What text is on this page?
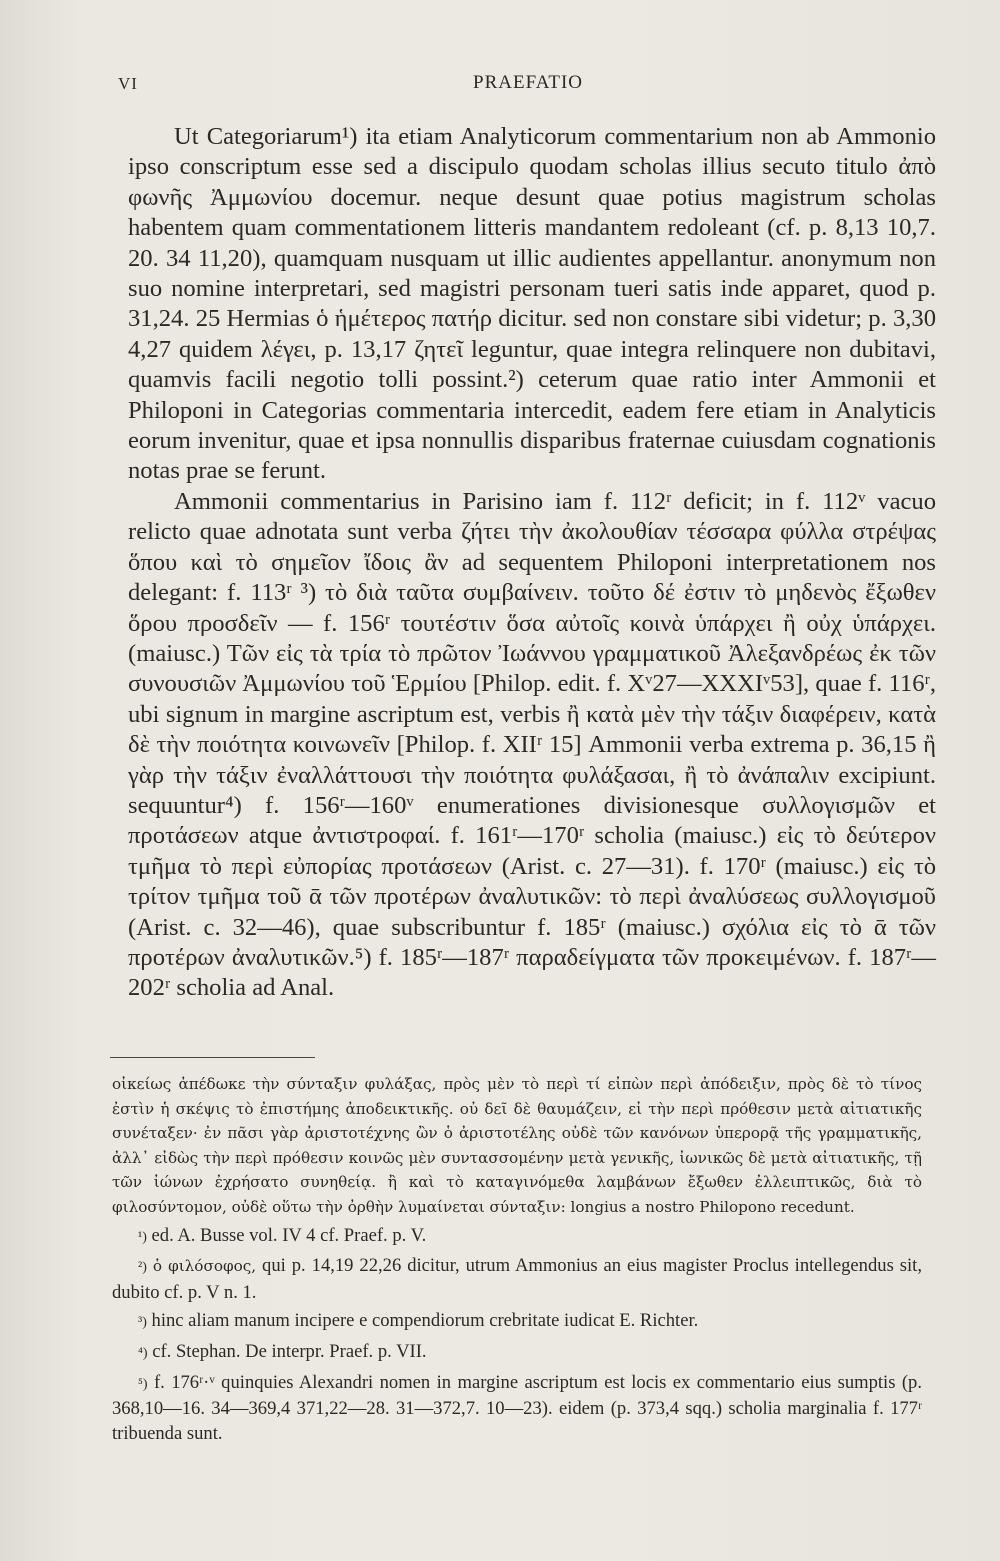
VI	PRAEFATIO

Ut Categoriarum¹) ita etiam Analyticorum commentarium non ab Ammonio ipso conscriptum esse sed a discipulo quodam scholas illius secuto titulo ἀπὸ φωνῆς Ἀμμωνίου docemur. neque desunt quae potius magistrum scholas habentem quam commentationem litteris mandantem redoleant (cf. p. 8,13 10,7. 20. 34 11,20), quamquam nusquam ut illic audientes appellantur. anonymum non suo nomine interpretari, sed magistri personam tueri satis inde apparet, quod p. 31,24. 25 Hermias ὁ ἡμέτερος πατήρ dicitur. sed non constare sibi videtur; p. 3,30 4,27 quidem λέγει, p. 13,17 ζητεῖ leguntur, quae integra relinquere non dubitavi, quamvis facili negotio tolli possint.²) ceterum quae ratio inter Ammonii et Philoponi in Categorias commentaria intercedit, eadem fere etiam in Analyticis eorum invenitur, quae et ipsa nonnullis disparibus fraternae cuiusdam cognationis notas prae se ferunt.

Ammonii commentarius in Parisino iam f. 112ʳ deficit; in f. 112ᵛ vacuo relicto quae adnotata sunt verba ζήτει τὴν ἀκολουθίαν τέσσαρα φύλλα στρέψας ὅπου καὶ τὸ σημεῖον ἴδοις ἂν ad sequentem Philoponi interpretationem nos delegant: f. 113ʳ ³) τὸ διὰ ταῦτα συμβαίνειν. τοῦτο δέ ἐστιν τὸ μηδενὸς ἔξωθεν ὅρου προσδεῖν — f. 156ʳ τουτέστιν ὅσα αὐτοῖς κοινὰ ὑπάρχει ἢ οὐχ ὑπάρχει. (maiusc.) Τῶν εἰς τὰ τρία τὸ πρῶτον Ἰωάννου γραμματικοῦ Ἀλεξανδρέως ἐκ τῶν συνουσιῶν Ἀμμωνίου τοῦ Ἑρμίου [Philop. edit. f. Xᵛ27—XXXIᵛ53], quae f. 116ʳ, ubi signum in margine ascriptum est, verbis ἢ κατὰ μὲν τὴν τάξιν διαφέρειν, κατὰ δὲ τὴν ποιότητα κοινωνεῖν [Philop. f. XIIʳ 15] Ammonii verba extrema p. 36,15 ἢ γὰρ τὴν τάξιν ἐναλλάττουσι τὴν ποιότητα φυλάξασαι, ἢ τὸ ἀνάπαλιν excipiunt. sequuntur⁴) f. 156ʳ—160ᵛ enumerationes divisionesque συλλογισμῶν et προτάσεων atque ἀντιστροφαί. f. 161ʳ—170ʳ scholia (maiusc.) εἰς τὸ δεύτερον τμῆμα τὸ περὶ εὐπορίας προτάσεων (Arist. c. 27—31). f. 170ʳ (maiusc.) εἰς τὸ τρίτον τμῆμα τοῦ ᾱ τῶν προτέρων ἀναλυτικῶν: τὸ περὶ ἀναλύσεως συλλογισμοῦ (Arist. c. 32—46), quae subscribuntur f. 185ʳ (maiusc.) σχόλια εἰς τὸ ᾱ τῶν προτέρων ἀναλυτικῶν.⁵) f. 185ʳ—187ʳ παραδείγματα τῶν προκειμένων. f. 187ʳ—202ʳ scholia ad Anal.

οἰκείως ἀπέδωκε τὴν σύνταξιν φυλάξας, πρὸς μὲν τὸ περὶ τί εἰπὼν περὶ ἀπόδειξιν, πρὸς δὲ τὸ τίνος ἐστὶν ἡ σκέψις τὸ ἐπιστήμης ἀποδεικτικῆς. οὐ δεῖ δὲ θαυμάζειν, εἰ τὴν περὶ πρόθεσιν μετὰ αἰτιατικῆς συνέταξεν· ἐν πᾶσι γὰρ ἀριστοτέχνης ὢν ὁ ἀριστοτέλης οὐδὲ τῶν κανόνων ὑπερορᾷ τῆς γραμματικῆς, ἀλλ᾽ εἰδὼς τὴν περὶ πρόθεσιν κοινῶς μὲν συντασσομένην μετὰ γενικῆς, ἰωνικῶς δὲ μετὰ αἰτιατικῆς, τῇ τῶν ἰώνων ἐχρήσατο συνηθείᾳ. ἢ καὶ τὸ καταγινόμεθα λαμβάνων ἔξωθεν ἐλλειπτικῶς, διὰ τὸ φιλοσύντομον, οὐδὲ οὕτω τὴν ὀρθὴν λυμαίνεται σύνταξιν: longius a nostro Philopono recedunt.

¹) ed. A. Busse vol. IV 4 cf. Praef. p. V.

²) ὁ φιλόσοφος, qui p. 14,19 22,26 dicitur, utrum Ammonius an eius magister Proclus intellegendus sit, dubito cf. p. V n. 1.

³) hinc aliam manum incipere e compendiorum crebritate iudicat E. Richter.

⁴) cf. Stephan. De interpr. Praef. p. VII.

⁵) f. 176ʳ·ᵛ quinquies Alexandri nomen in margine ascriptum est locis ex commentario eius sumptis (p. 368,10—16. 34—369,4 371,22—28. 31—372,7. 10—23). eidem (p. 373,4 sqq.) scholia marginalia f. 177ʳ tribuenda sunt.
